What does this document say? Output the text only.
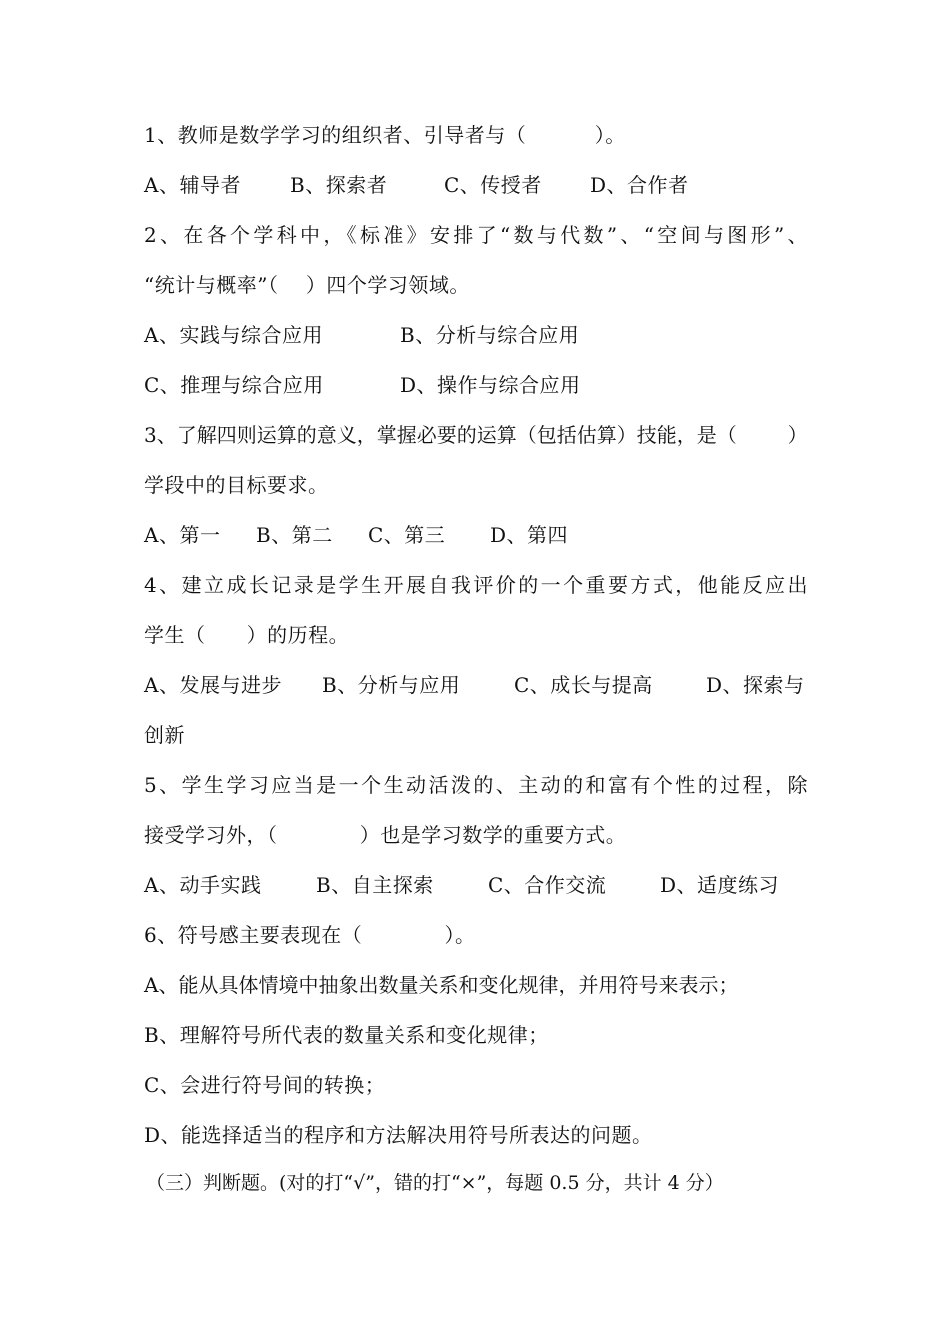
1、教师是数学学习的组织者、引导者与（          ）。

A、辅导者

B、探索者

	C、传授者

D、合作者

2、在各个学科中，《标准》安排了“数与代数”、“空间与图形”、
“统计与概率”（    ）四个学习领域。

A、实践与综合应用

	B、分析与综合应用

C、推理与综合应用

	D、操作与综合应用

3、了解四则运算的意义，掌握必要的运算（包括估算）技能，是（        ）
学段中的目标要求。

A、第一

B、第二

C、第三

D、第四

4、建立成长记录是学生开展自我评价的一个重要方式，他能反应出
学生（      ）的历程。

A、发展与进步

B、分析与应用

	C、成长与提高

	D、探索与

创新
5、学生学习应当是一个生动活泼的、主动的和富有个性的过程，除
接受学习外，（            ）也是学习数学的重要方式。

A、动手实践

	B、自主探索

	C、合作交流

	D、适度练习

6、符号感主要表现在（            ）。
A、能从具体情境中抽象出数量关系和变化规律，并用符号来表示；
B、理解符号所代表的数量关系和变化规律；
C、会进行符号间的转换；
D、能选择适当的程序和方法解决用符号所表达的问题。
（三）判断题。(对的打“√”，错的打“×”，每题 0.5 分，共计 4 分）
